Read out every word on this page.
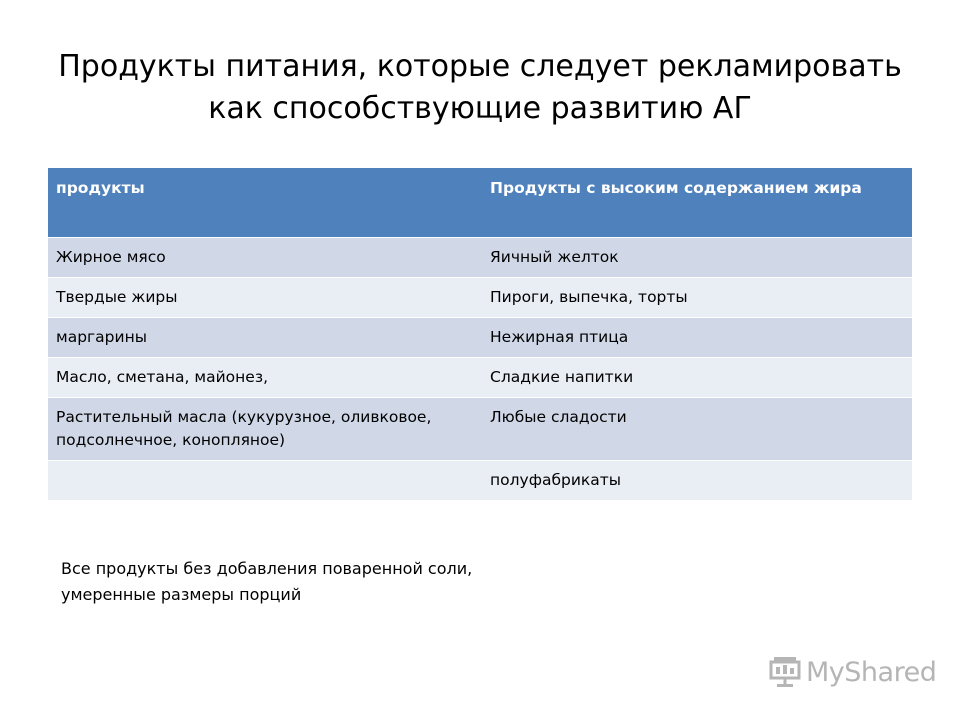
Продукты питания, которые следует рекламировать
как способствующие развитию АГ
продукты	Продукты с высоким содержанием жира
Жирное мясо	Яичный желток
Твердые жиры	Пироги, выпечка, торты
маргарины	Нежирная птица
Масло, сметана, майонез,	Сладкие напитки
Растительный масла (кукурузное, оливковое, подсолнечное, конопляное)	Любые сладости
	полуфабрикаты
Все продукты без добавления поваренной соли,
умеренные размеры порций
MyShared
